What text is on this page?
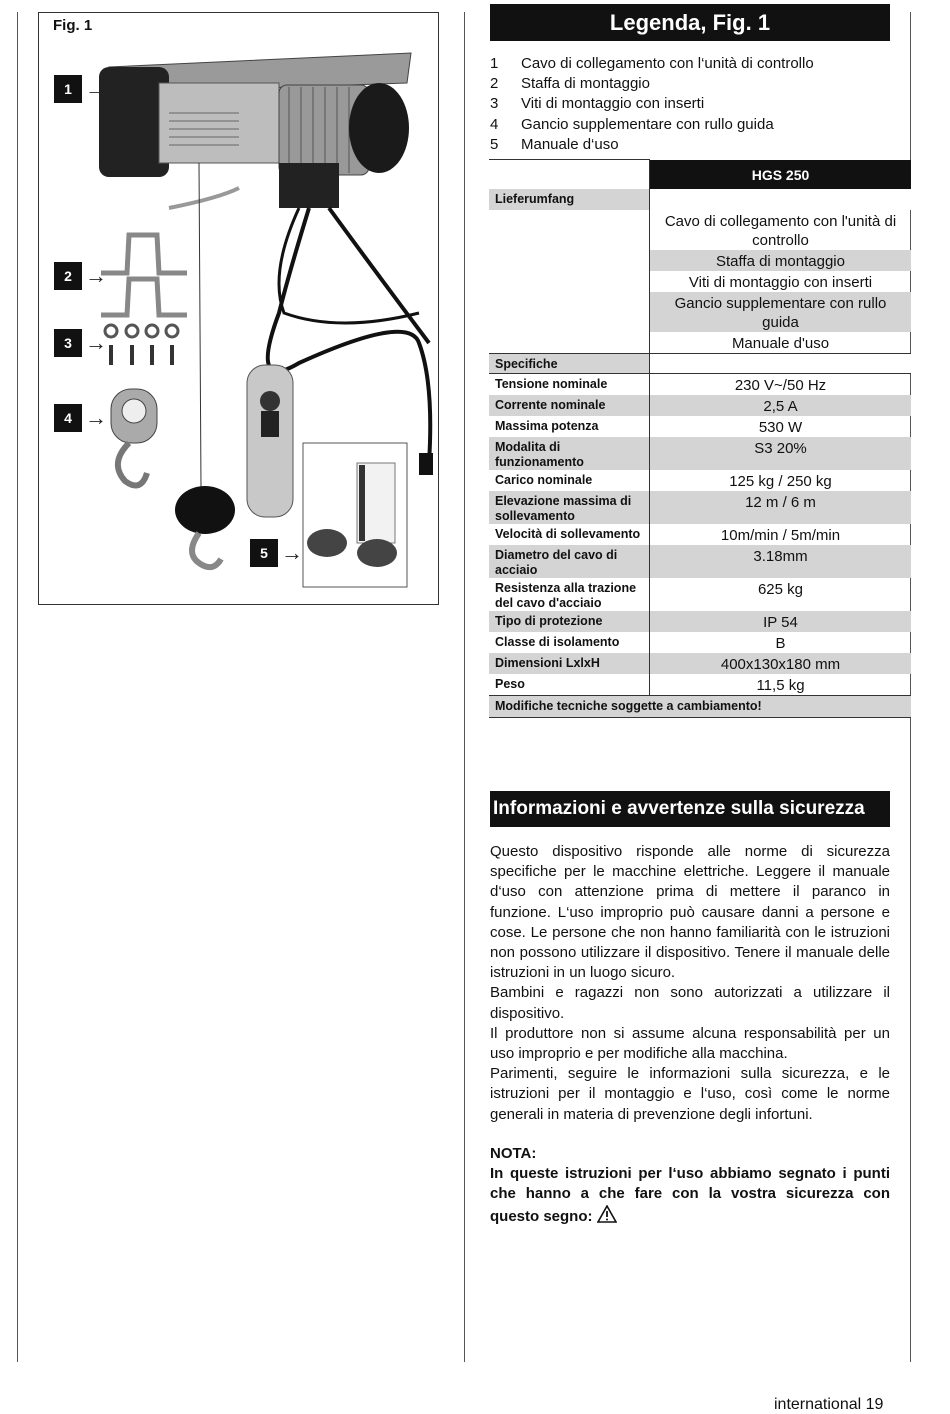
Fig. 1
1 →
2 →
3 →
4 →
5 →
Legenda, Fig. 1
1	Cavo di collegamento con l‘unità di controllo
2	Staffa di montaggio
3	Viti di montaggio con inserti
4	Gancio supplementare con rullo guida
5	Manuale d‘uso
	HGS 250
Lieferumfang	
	Cavo di collegamento con l'unità di controllo
	Staffa di montaggio
	Viti di montaggio con inserti
	Gancio supplementare con rullo guida
	Manuale d'uso
Specifiche	
Tensione nominale	230 V~/50 Hz
Corrente nominale	2,5 A
Massima potenza	530 W
Modalita di funzionamento	S3 20%
Carico nominale	125 kg / 250 kg
Elevazione massima di sollevamento	12 m / 6 m
Velocità di sollevamento	10m/min / 5m/min
Diametro del cavo di acciaio	3.18mm
Resistenza alla trazione del cavo d'acciaio	625 kg
Tipo di protezione	IP 54
Classe di isolamento	B
Dimensioni LxlxH	400x130x180 mm
Peso	11,5 kg
Modifiche tecniche soggette a cambiamento!	
Informazioni e avvertenze sulla sicurezza

Questo dispositivo risponde alle norme di sicurezza specifiche per le macchine elettriche. Leggere il manuale d‘uso con attenzione prima di mettere il paranco in funzione. L‘uso improprio può causare danni a persone e cose. Le persone che non hanno familiarità con le istruzioni non possono utilizzare il dispositivo. Tenere il manuale delle istruzioni in un luogo sicuro.

Bambini e ragazzi non sono autorizzati a utilizzare il dispositivo.

Il produttore non si assume alcuna responsabilità per un uso improprio e per modifiche alla macchina.

Parimenti, seguire le informazioni sulla sicurezza, e le istruzioni per il montaggio e l‘uso, così come le norme generali in materia di prevenzione degli infortuni.

NOTA:
In queste istruzioni per l‘uso abbiamo segnato i punti che hanno a che fare con la vostra sicurezza con questo segno:
international 19
